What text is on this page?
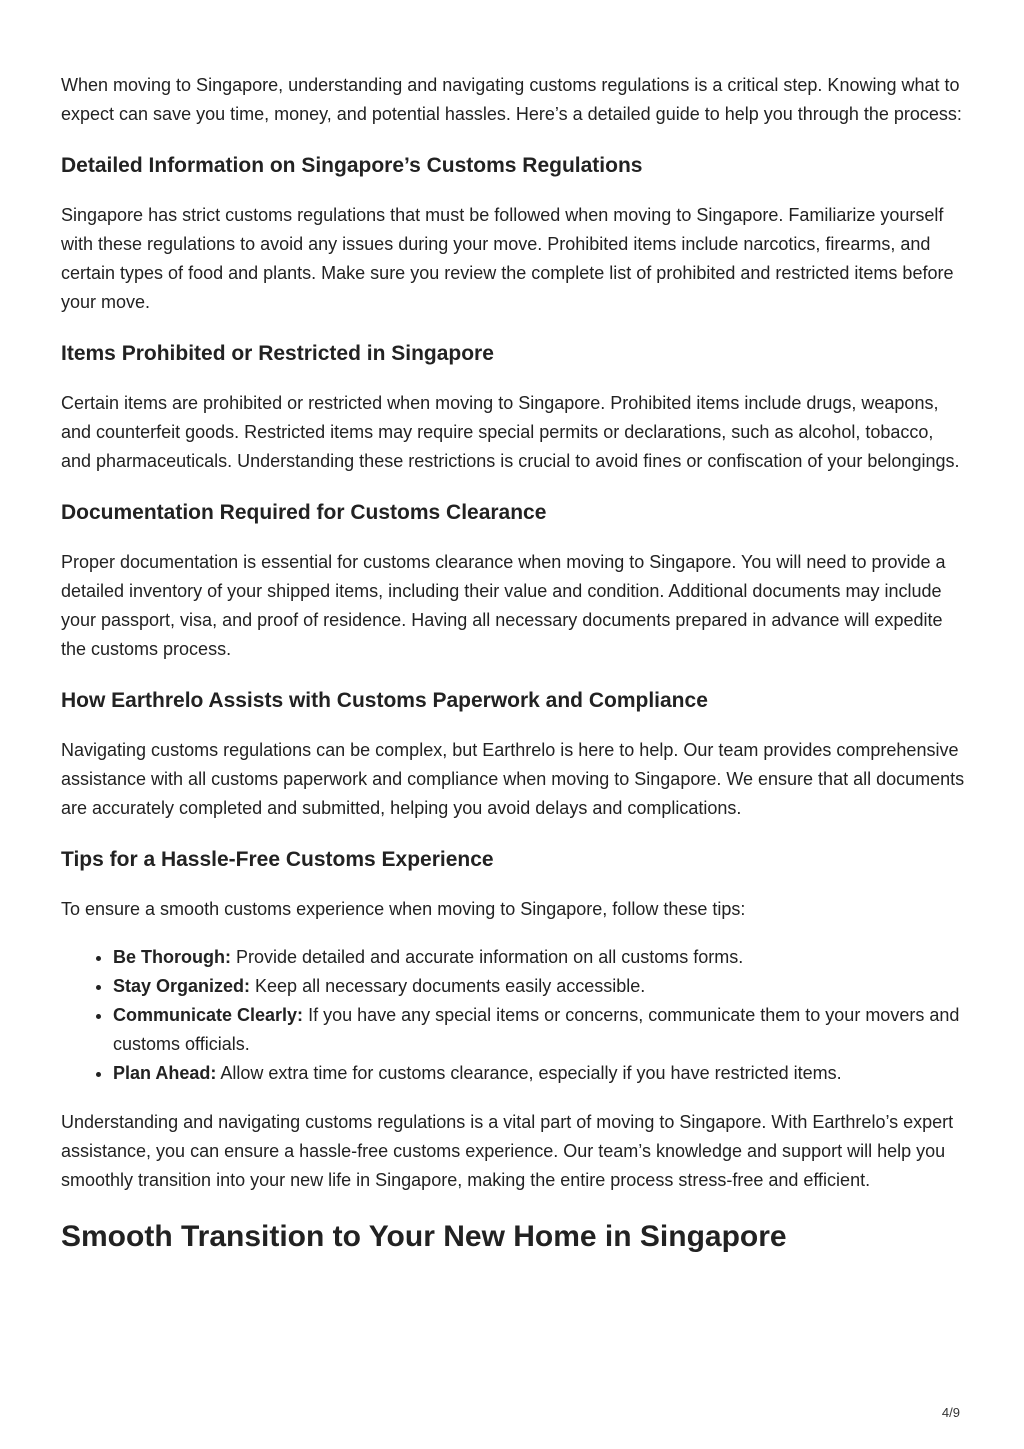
When moving to Singapore, understanding and navigating customs regulations is a critical step. Knowing what to expect can save you time, money, and potential hassles. Here’s a detailed guide to help you through the process:

Detailed Information on Singapore’s Customs Regulations

Singapore has strict customs regulations that must be followed when moving to Singapore. Familiarize yourself with these regulations to avoid any issues during your move. Prohibited items include narcotics, firearms, and certain types of food and plants. Make sure you review the complete list of prohibited and restricted items before your move.

Items Prohibited or Restricted in Singapore

Certain items are prohibited or restricted when moving to Singapore. Prohibited items include drugs, weapons, and counterfeit goods. Restricted items may require special permits or declarations, such as alcohol, tobacco, and pharmaceuticals. Understanding these restrictions is crucial to avoid fines or confiscation of your belongings.

Documentation Required for Customs Clearance

Proper documentation is essential for customs clearance when moving to Singapore. You will need to provide a detailed inventory of your shipped items, including their value and condition. Additional documents may include your passport, visa, and proof of residence. Having all necessary documents prepared in advance will expedite the customs process.

How Earthrelo Assists with Customs Paperwork and Compliance

Navigating customs regulations can be complex, but Earthrelo is here to help. Our team provides comprehensive assistance with all customs paperwork and compliance when moving to Singapore. We ensure that all documents are accurately completed and submitted, helping you avoid delays and complications.

Tips for a Hassle-Free Customs Experience

To ensure a smooth customs experience when moving to Singapore, follow these tips:

• Be Thorough: Provide detailed and accurate information on all customs forms.
• Stay Organized: Keep all necessary documents easily accessible.
• Communicate Clearly: If you have any special items or concerns, communicate them to your movers and customs officials.
• Plan Ahead: Allow extra time for customs clearance, especially if you have restricted items.

Understanding and navigating customs regulations is a vital part of moving to Singapore. With Earthrelo’s expert assistance, you can ensure a hassle-free customs experience. Our team’s knowledge and support will help you smoothly transition into your new life in Singapore, making the entire process stress-free and efficient.

Smooth Transition to Your New Home in Singapore
4/9
